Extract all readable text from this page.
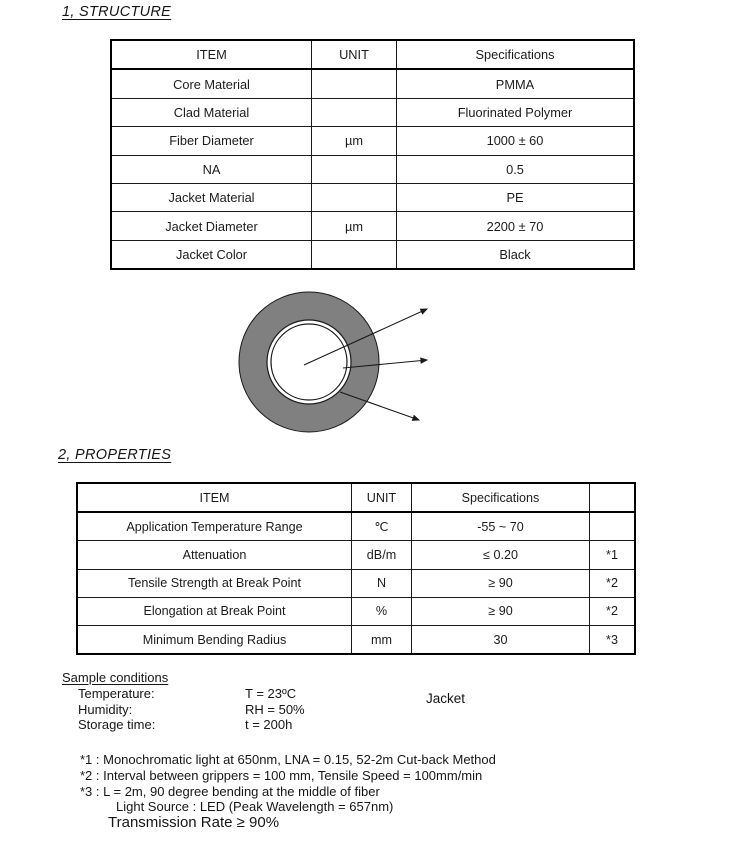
1, STRUCTURE
ITEM	UNIT	Specifications
Core Material		PMMA
Clad Material		Fluorinated Polymer
Fiber Diameter	µm	1000 ± 60
NA		0.5
Jacket Material		PE
Jacket Diameter	µm	2200 ± 70
Jacket Color		Black
Jacket
2, PROPERTIES
ITEM	UNIT	Specifications	
Application Temperature Range	℃	-55 ~ 70	
Attenuation	dB/m	≤ 0.20	*1
Tensile Strength at Break Point	N	≥ 90	*2
Elongation at Break Point	%	≥ 90	*2
Minimum Bending Radius	mm	30	*3
Sample conditions
Temperature:	T = 23ºC
Humidity:	RH = 50%
Storage time:	t = 200h
*1 : Monochromatic light at 650nm, LNA = 0.15, 52-2m Cut-back Method
*2 : Interval between grippers = 100 mm, Tensile Speed = 100mm/min
*3 : L = 2m, 90 degree bending at the middle of fiber
Light Source : LED (Peak Wavelength = 657nm)
Transmission Rate ≥ 90%
